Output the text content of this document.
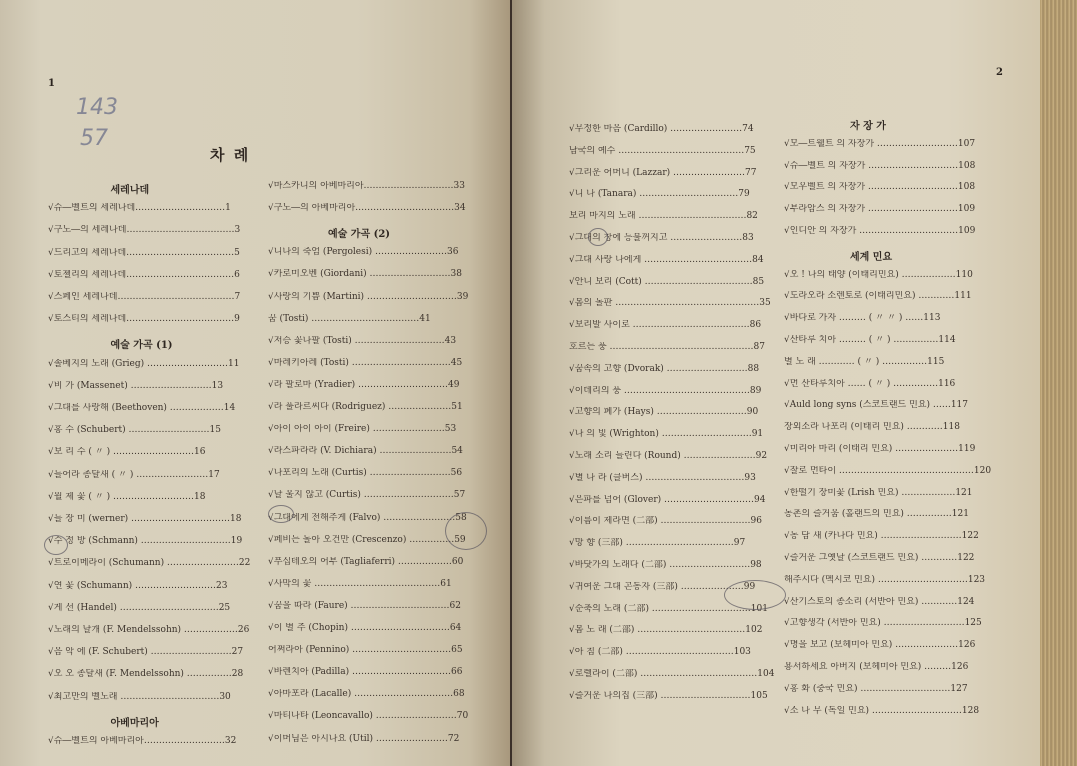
1
143
57
차 례
세레나데
√슈―벨트의 세레나데…………………………1
√구노―의 세레나데………………………………3
√드리고의 세레나데………………………………5
√토젤리의 세레나데………………………………6
√스페인 세레나데…………………………………7
√토스티의 세레나데………………………………9
예술 가곡 (1)
√솔베지의 노래 (Grieg) ………………………11
√비 가 (Massenet) ………………………13
√그대를 사랑해 (Beethoven) ………………14
√홍 수 (Schubert) ………………………15
√보 리 수 ( 〃 ) ………………………16
√들어라 종달새 ( 〃 ) ……………………17
√월 제 꽃 ( 〃 ) ………………………18
√들 장 미 (werner) ……………………………18
√수 정 방 (Schmann) …………………………19
√트로이메라이 (Schumann) ……………………22
√연 꽃 (Schumann) ………………………23
√게 선 (Handel) ……………………………25
√노래의 날개 (F. Mendelssohn) ………………26
√음 악 에 (F. Schubert) ………………………27
√오 오 종달새 (F. Mendelssohn) ……………28
√최고만의 벨노래 ……………………………30
아베마리아
√슈―벨트의 아베마리아………………………32
√마스카니의 아베마리아…………………………33
√구노―의 아베마리아……………………………34
예술 가곡 (2)
√니나의 죽엄 (Pergolesi) ……………………36
√카로미오벤 (Giordani) ………………………38
√사랑의 기쁨 (Martini) …………………………39
꿈 (Tosti) ………………………………41
√저승 꽃나팔 (Tosti) …………………………43
√마레키아레 (Tosti) ……………………………45
√라 팔로마 (Yradier) …………………………49
√라 풀라르씨다 (Rodriguez) …………………51
√아이 아이 아이 (Freire) ……………………53
√라스파라라 (V. Dichiara) ……………………54
√나포리의 노래 (Curtis) ………………………56
√날 울지 않고 (Curtis) …………………………57
√그대에게 전해주게 (Falvo) ……………………58
√페비는 돌아 오건만 (Crescenzo) ……………59
√푸십테오의 어부 (Tagliaferri) ………………60
√사막의 꽃 ……………………………………61
√꿈을 따라 (Faure) ……………………………62
√이 별 주 (Chopin) ……………………………64
어쩌라아 (Pennino) ……………………………65
√바렌치아 (Padilla) ……………………………66
√아마포라 (Lacalle) ……………………………68
√마티나타 (Leoncavallo) ………………………70
√이머님은 아시나요 (Util) ……………………72
2
√무정한 마음 (Cardillo) ……………………74
남국의 예수 ……………………………………75
√그리운 어머니 (Lazzar) ……………………77
√니 나 (Tanara) ……………………………79
보리 마지의 노래 ………………………………82
√그대의 창에 등불꺼지고 ……………………83
√그대 사랑 나에게 ………………………………84
√안니 보리 (Cott) ………………………………85
√봄의 돌판 …………………………………………35
√보리발 사이로 …………………………………86
호르는 풍 …………………………………………87
√꿈속의 고향 (Dvorak) ………………………88
√이데리의 풍 ……………………………………89
√고향의 폐가 (Hays) …………………………90
√나 의 빛 (Wrighton) …………………………91
√노래 소리 들린다 (Round) ……………………92
√별 나 라 (클버스) ……………………………93
√은파를 넘어 (Glover) …………………………94
√이름이 제라면 (二部) …………………………96
√망 향 (三部) ………………………………97
√바닷가의 노래다 (二部) ………………………98
√귀여운 그대 곤동자 (三部) …………………99
√순축의 노래 (二部) ……………………………101
√봄 노 래 (二部) ………………………………102
√아 침 (二部) ………………………………103
√로렐라이 (二部) …………………………………104
√즐거운 나의집 (三部) …………………………105
자 장 가
√모―트웰트 의 자장가 ………………………107
√슈―벨트 의 자장가 …………………………108
√모우벨트 의 자장가 …………………………108
√부라암스 의 자장가 …………………………109
√인디안 의 자장가 ……………………………109
세계 민요
√오 ! 나의 태양 (이태리민요) ………………110
√도라오라 소렌토로 (이태리민요) …………111
√바다로 가자 ……… ( 〃 〃 ) ……113
√산타루 치아 ……… ( 〃 ) ……………114
별 노 래 ………… ( 〃 ) ……………115
√먼 산타루치아 …… ( 〃 ) ……………116
√Auld long syns (스코트랜드 민요) ……117
장외소라 나포리 (이태리 민요) …………118
√미리아 마리 (이태리 민요) …………………119
√잘로 먼타이 ………………………………………120
√한떨기 장미꽃 (Lrish 민요) ………………121
농촌의 즐거움 (홀랜드의 민요) ……………121
√농 담 새 (카나다 민요) ………………………122
√즐거운 그옛날 (스코트랜드 민요) …………122
해주시다 (멕시코 민요) …………………………123
√산기스토의 종소리 (서반아 민요) …………124
√고향생각 (서반아 민요) ………………………125
√명을 보고 (보헤미아 민요) …………………126
용서하세요 아버지 (보헤미아 민요) ………126
√홍 화 (중국 민요) …………………………127
√소 나 무 (독일 민요) …………………………128
